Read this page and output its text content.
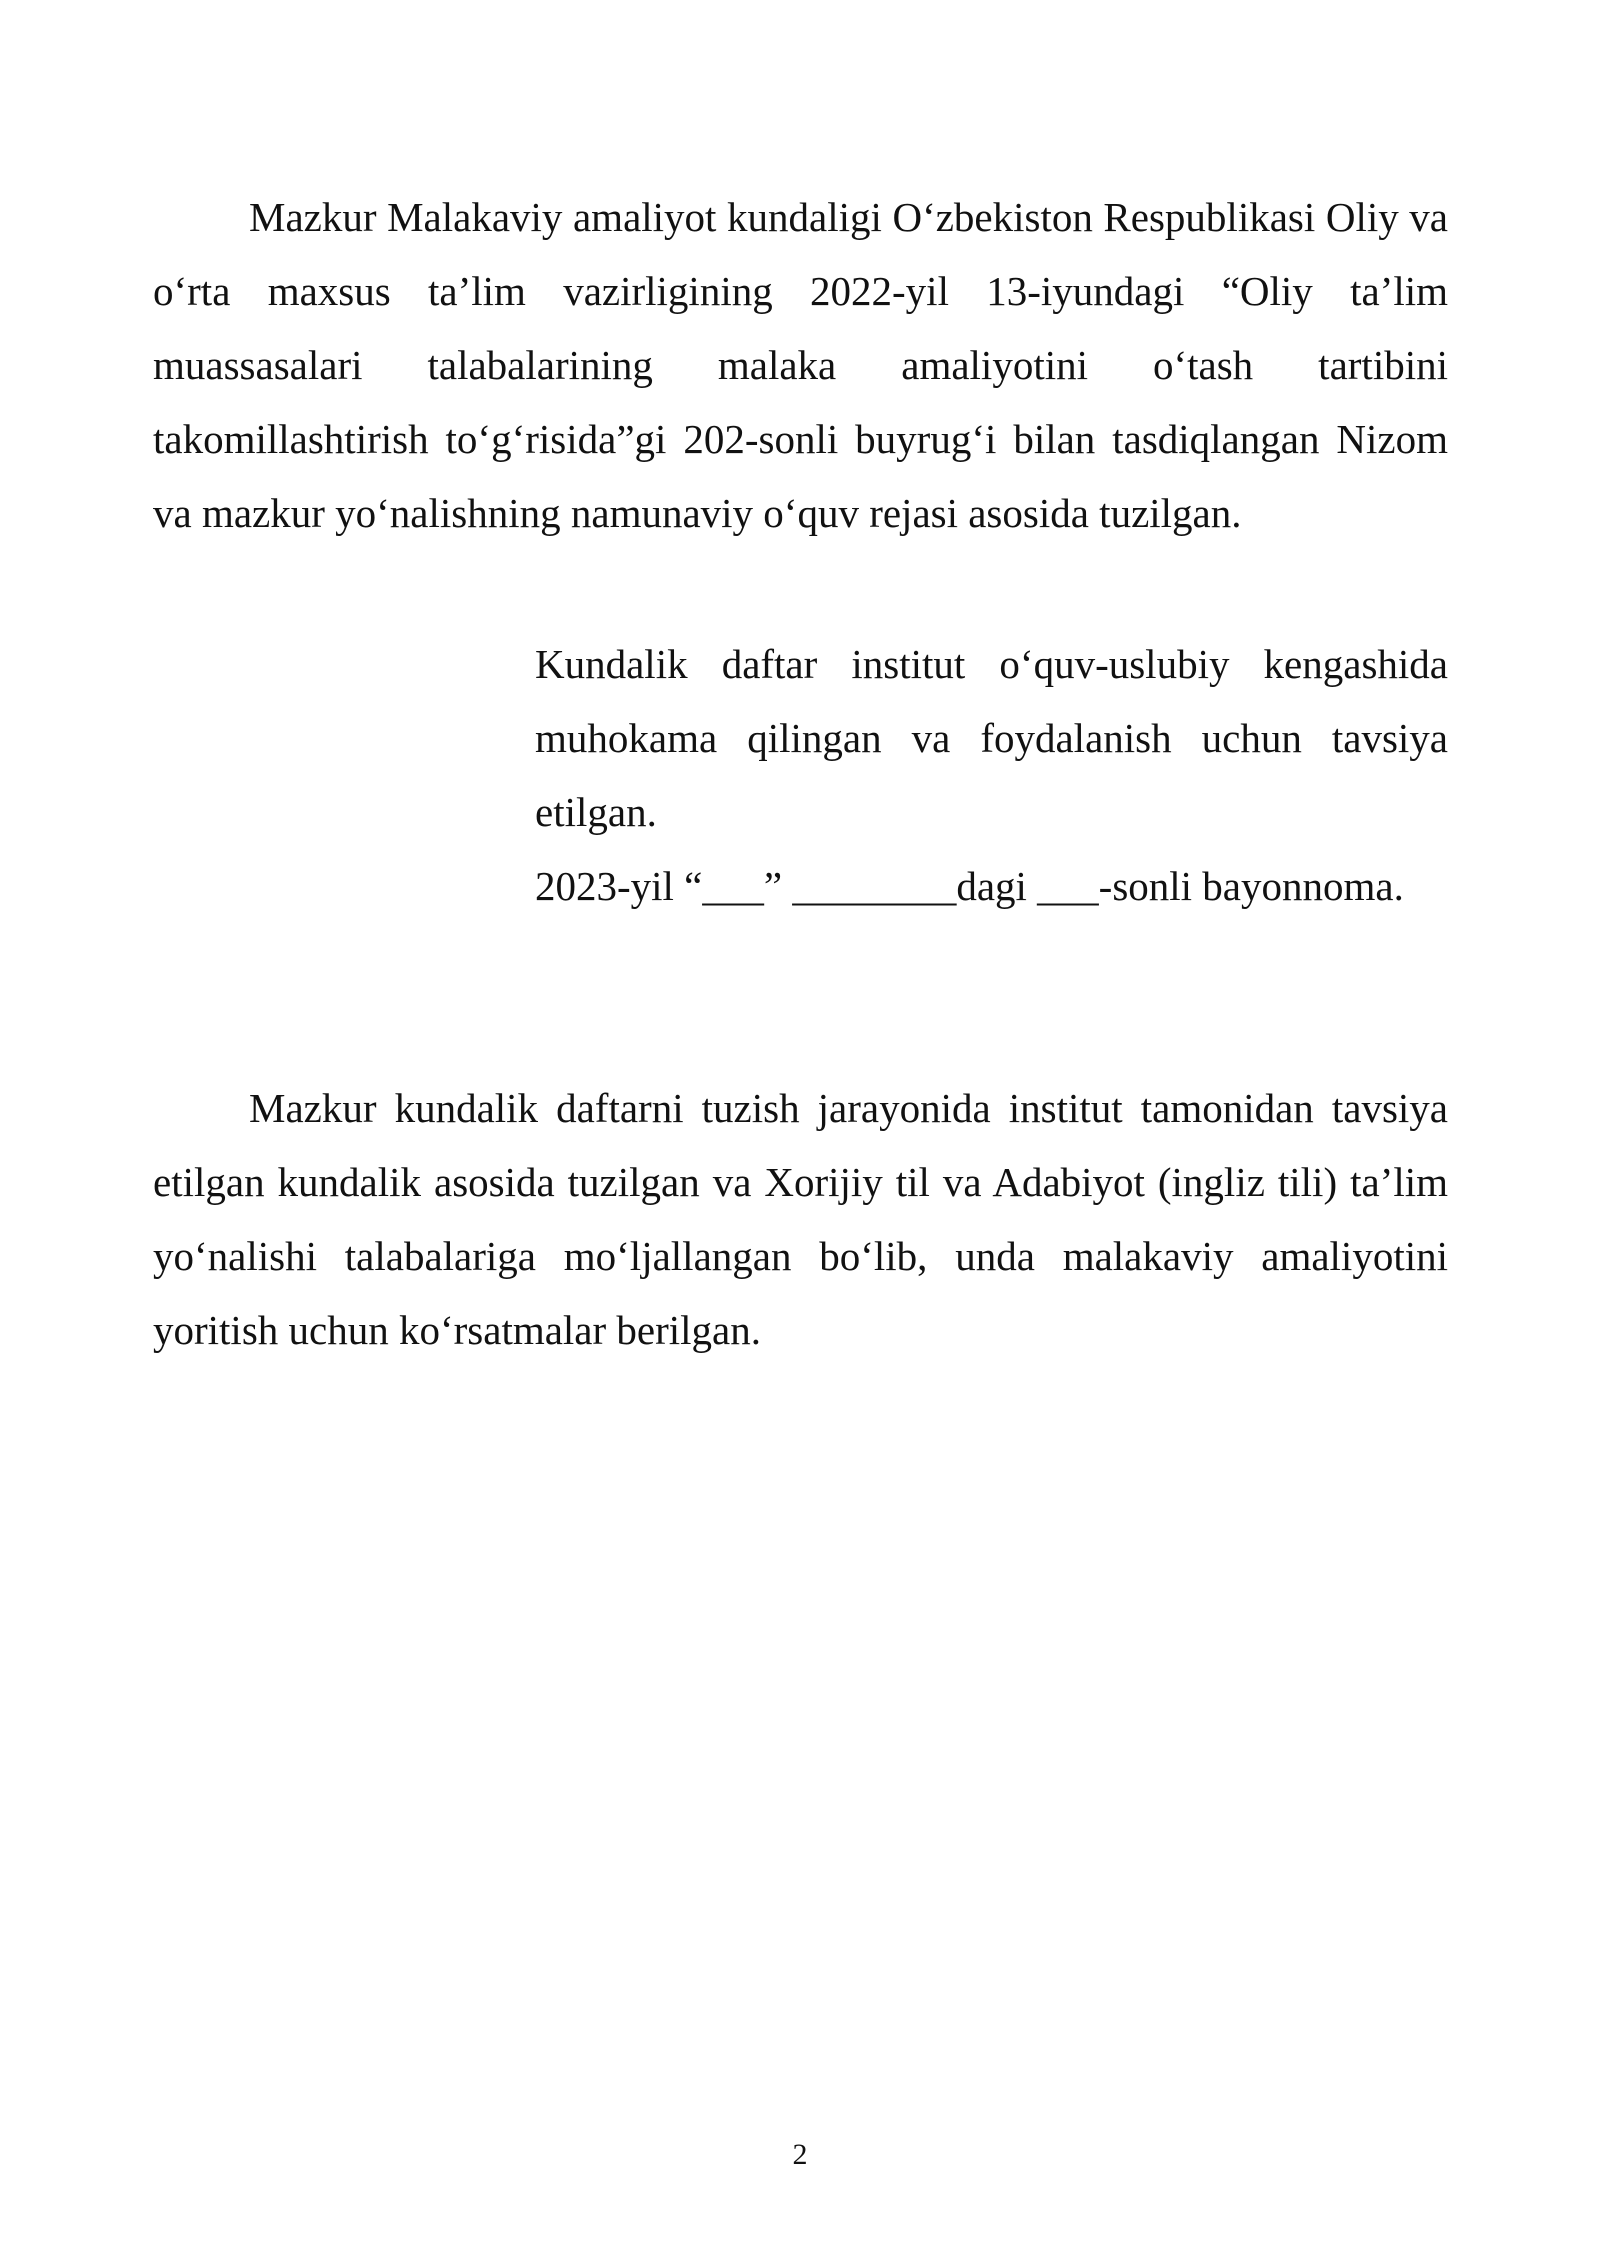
Mazkur Malakaviy amaliyot kundaligi O‘zbekiston Respublikasi Oliy va o‘rta maxsus ta’lim vazirligining 2022-yil 13-iyundagi “Oliy ta’lim muassasalari talabalarining malaka amaliyotini o‘tash tartibini takomillashtirish to‘g‘risida”gi 202-sonli buyrug‘i bilan tasdiqlangan Nizom va mazkur yo‘nalishning namunaviy o‘quv rejasi asosida tuzilgan.

Kundalik daftar institut o‘quv-uslubiy kengashida muhokama qilingan va foydalanish uchun tavsiya etilgan.

2023-yil “___” ________dagi ___-sonli bayonnoma.

Mazkur kundalik daftarni tuzish jarayonida institut tamonidan tavsiya etilgan kundalik asosida tuzilgan va Xorijiy til va Adabiyot (ingliz tili) ta’lim yo‘nalishi talabalariga mo‘ljallangan bo‘lib, unda malakaviy amaliyotini yoritish uchun ko‘rsatmalar berilgan.

2
